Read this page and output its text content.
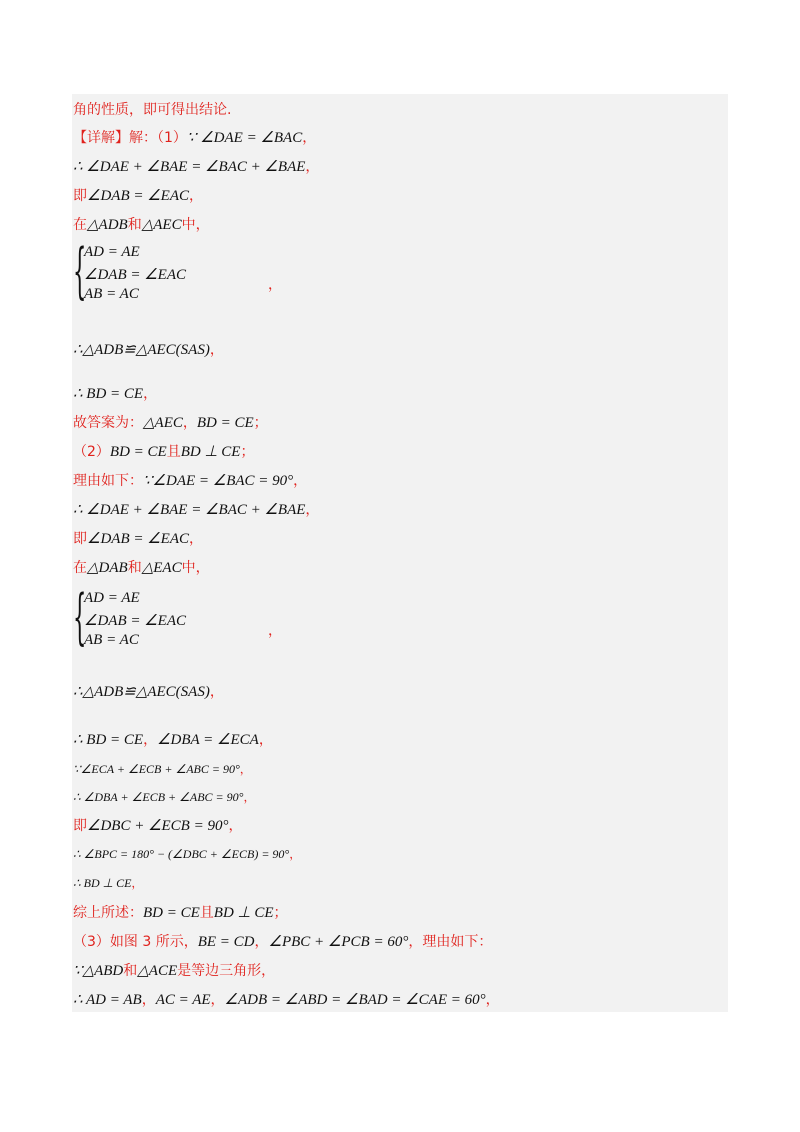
角的性质，即可得出结论.
【详解】解：（1）∵ ∠DAE = ∠BAC，
∴ ∠DAE + ∠BAE = ∠BAC + ∠BAE，
即∠DAB = ∠EAC，
在△ADB和△AEC中，
∴△ADB≌△AEC(SAS)，
∴ BD = CE，
故答案为：△AEC，BD = CE；
（2）BD = CE且BD ⊥ CE；
理由如下：∵∠DAE = ∠BAC = 90°，
∴ ∠DAE + ∠BAE = ∠BAC + ∠BAE，
即∠DAB = ∠EAC，
在△DAB和△EAC中，
∴△ADB≌△AEC(SAS)，
∴ BD = CE，∠DBA = ∠ECA，
∵∠ECA + ∠ECB + ∠ABC = 90°，
∴ ∠DBA + ∠ECB + ∠ABC = 90°，
即∠DBC + ∠ECB = 90°，
∴ ∠BPC = 180° − (∠DBC + ∠ECB) = 90°，
∴ BD ⊥ CE，
综上所述：BD = CE且BD ⊥ CE；
（3）如图 3 所示，BE = CD，∠PBC + ∠PCB = 60°，理由如下：
∵△ABD和△ACE是等边三角形，
∴ AD = AB，AC = AE，∠ADB = ∠ABD = ∠BAD = ∠CAE = 60°，
{
AD = AE
∠DAB = ∠EAC
AB = AC
，
{
AD = AE
∠DAB = ∠EAC
AB = AC
，
